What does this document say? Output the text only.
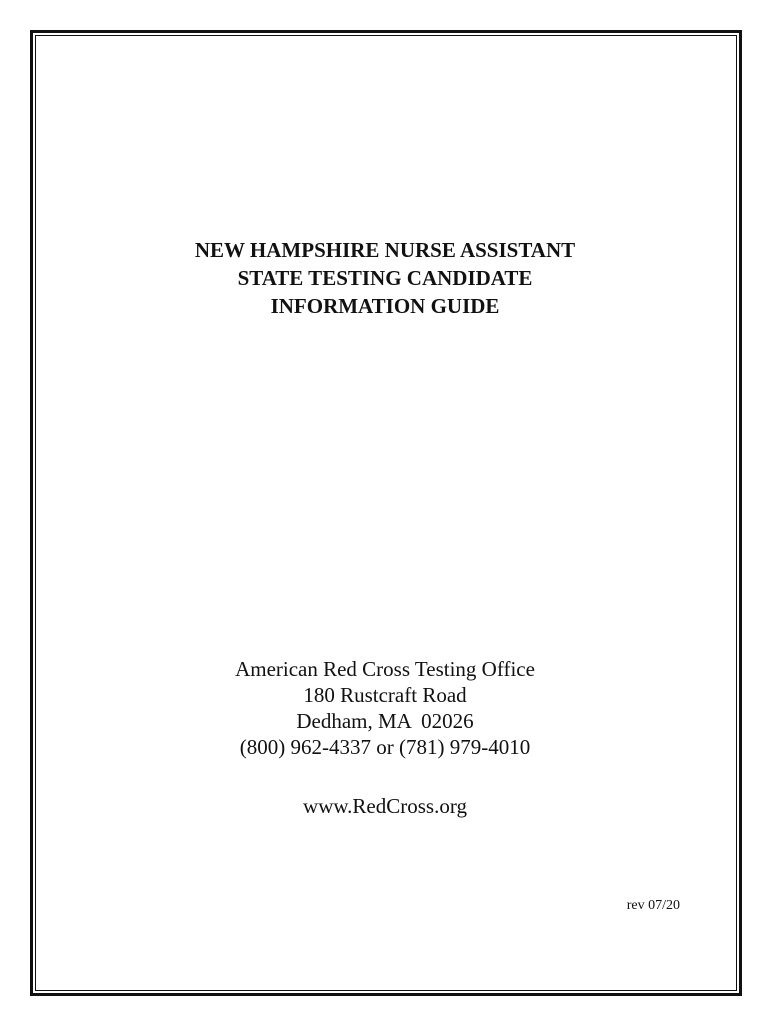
NEW HAMPSHIRE NURSE ASSISTANT
STATE TESTING CANDIDATE
INFORMATION GUIDE
American Red Cross Testing Office
180 Rustcraft Road
Dedham, MA  02026
(800) 962-4337 or (781) 979-4010
www.RedCross.org
rev 07/20
